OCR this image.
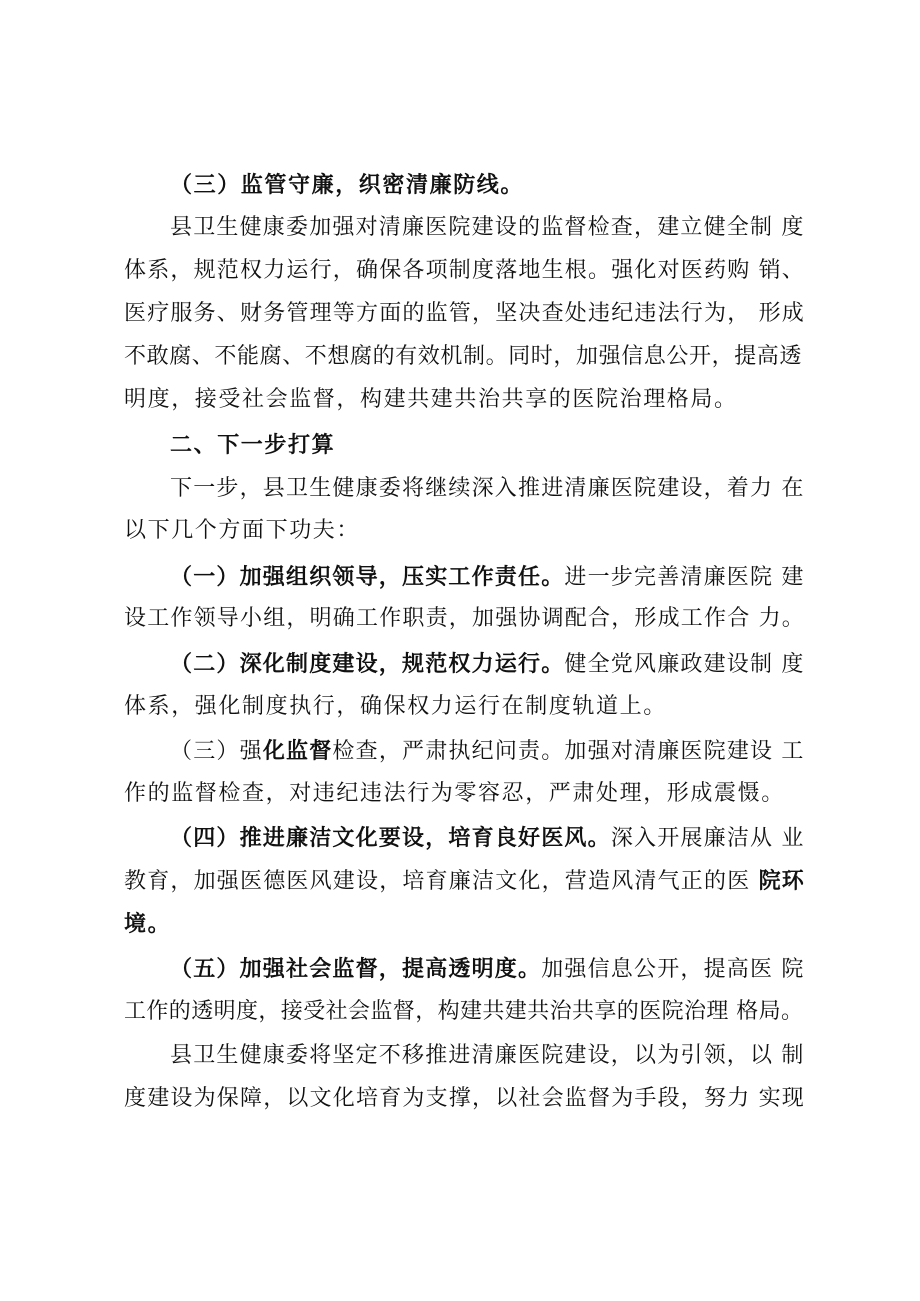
（三）监管守廉，织密清廉防线。
县卫生健康委加强对清廉医院建设的监督检查，建立健全制 度
体系，规范权力运行，确保各项制度落地生根。强化对医药购 销、
医疗服务、财务管理等方面的监管，坚决查处违纪违法行为， 形成
不敢腐、不能腐、不想腐的有效机制。同时，加强信息公开，提高透
明度，接受社会监督，构建共建共治共享的医院治理格局。
二、下一步打算
下一步，县卫生健康委将继续深入推进清廉医院建设，着力 在
以下几个方面下功夫：
（一）加强组织领导，压实工作责任。进一步完善清廉医院 建
设工作领导小组，明确工作职责，加强协调配合，形成工作合 力。
（二）深化制度建设，规范权力运行。健全党风廉政建设制 度
体系，强化制度执行，确保权力运行在制度轨道上。
（三）强化监督检查，严肃执纪问责。加强对清廉医院建设 工
作的监督检查，对违纪违法行为零容忍，严肃处理，形成震慑。
（四）推进廉洁文化要设，培育良好医风。深入开展廉洁从 业
教育，加强医德医风建设，培育廉洁文化，营造风清气正的医 院环
境。
（五）加强社会监督，提高透明度。加强信息公开，提高医 院
工作的透明度，接受社会监督，构建共建共治共享的医院治理 格局。
县卫生健康委将坚定不移推进清廉医院建设，以为引领，以 制
度建设为保障，以文化培育为支撑，以社会监督为手段，努力 实现
